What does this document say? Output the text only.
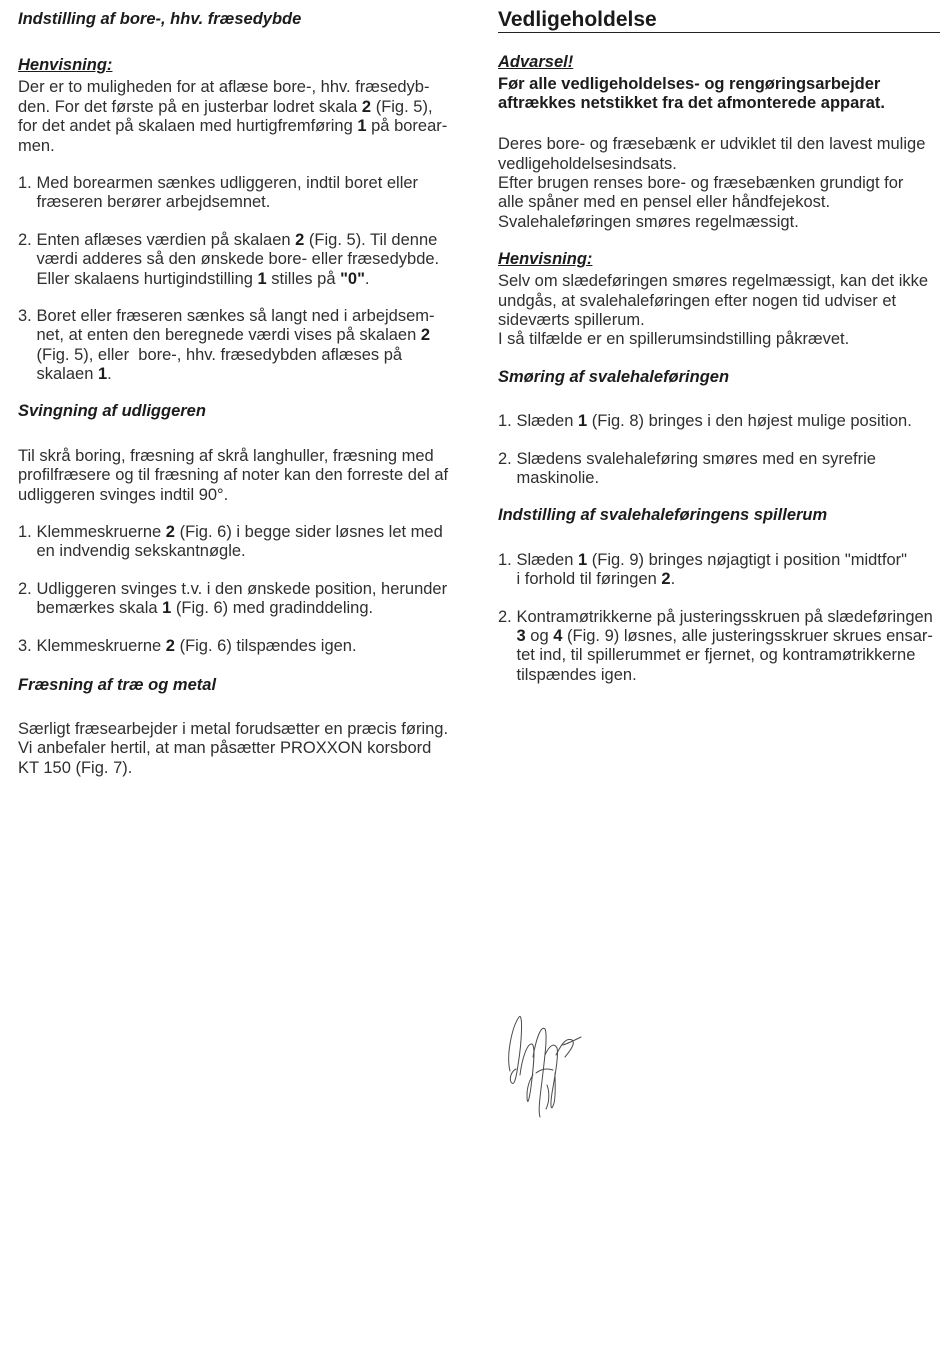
Indstilling af bore-, hhv. fræsedybde
Henvisning:
Der er to muligheden for at aflæse bore-, hhv. fræsedyb-
den. For det første på en justerbar lodret skala 2 (Fig. 5),
for det andet på skalaen med hurtigfremføring 1 på borear-
men.
1. Med borearmen sænkes udliggeren, indtil boret eller
fræseren berører arbejdsemnet.
2. Enten aflæses værdien på skalaen 2 (Fig. 5). Til denne
værdi adderes så den ønskede bore- eller fræsedybde.
Eller skalaens hurtigindstilling 1 stilles på "0".
3. Boret eller fræseren sænkes så langt ned i arbejdsem-
net, at enten den beregnede værdi vises på skalaen 2
(Fig. 5), eller  bore-, hhv. fræsedybden aflæses på
skalaen 1.
Svingning af udliggeren
Til skrå boring, fræsning af skrå langhuller, fræsning med
profilfræsere og til fræsning af noter kan den forreste del af
udliggeren svinges indtil 90°.
1. Klemmeskruerne 2 (Fig. 6) i begge sider løsnes let med
en indvendig sekskantnøgle.
2. Udliggeren svinges t.v. i den ønskede position, herunder
bemærkes skala 1 (Fig. 6) med gradinddeling.
3. Klemmeskruerne 2 (Fig. 6) tilspændes igen.
Fræsning af træ og metal
Særligt fræsearbejder i metal forudsætter en præcis føring.
Vi anbefaler hertil, at man påsætter PROXXON korsbord
KT 150 (Fig. 7).
Vedligeholdelse
Advarsel!
Før alle vedligeholdelses- og rengøringsarbejder
aftrækkes netstikket fra det afmonterede apparat.
Deres bore- og fræsebænk er udviklet til den lavest mulige
vedligeholdelsesindsats.
Efter brugen renses bore- og fræsebænken grundigt for
alle spåner med en pensel eller håndfejekost.
Svalehaleføringen smøres regelmæssigt.
Henvisning:
Selv om slædeføringen smøres regelmæssigt, kan det ikke
undgås, at svalehaleføringen efter nogen tid udviser et
sideværts spillerum.
I så tilfælde er en spillerumsindstilling påkrævet.
Smøring af svalehaleføringen
1. Slæden 1 (Fig. 8) bringes i den højest mulige position.
2. Slædens svalehaleføring smøres med en syrefrie
maskinolie.
Indstilling af svalehaleføringens spillerum
1. Slæden 1 (Fig. 9) bringes nøjagtigt i position "midtfor"
i forhold til føringen 2.
2. Kontramøtrikkerne på justeringsskruen på slædeføringen
3 og 4 (Fig. 9) løsnes, alle justeringsskruer skrues ensar-
tet ind, til spillerummet er fjernet, og kontramøtrikkerne
tilspændes igen.
